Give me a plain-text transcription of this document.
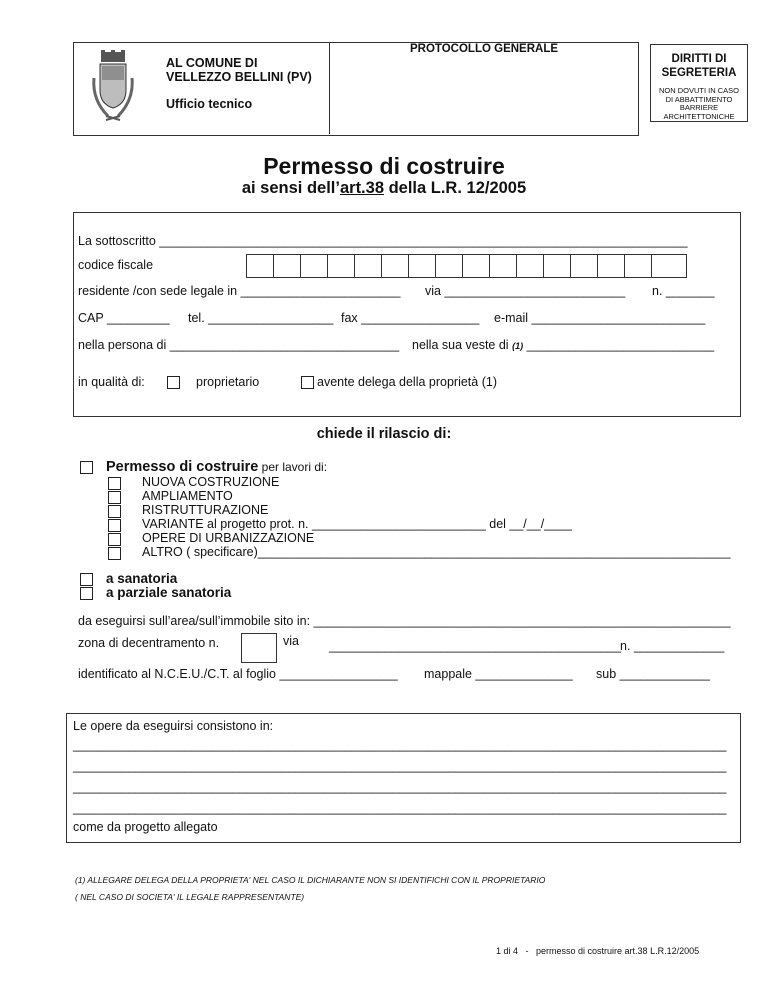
AL COMUNE DI
VELLEZZO BELLINI (PV)
Ufficio tecnico
PROTOCOLLO GENERALE
DIRITTI DI
SEGRETERIA
NON DOVUTI IN CASO
DI ABBATTIMENTO
BARRIERE
ARCHITETTONICHE
Permesso di costruire
ai sensi dell’art.38 della L.R. 12/2005
La sottoscritto ____________________________________________________________________________
codice fiscale
residente /con sede legale in _______________________ via __________________________ n. _______
CAP _________ tel. __________________ fax _________________ e-mail _________________________
nella persona di _________________________________ nella sua veste di (1) ___________________________
in qualità di:	proprietario	avente delega della proprietà (1)
chiede il rilascio di:
Permesso di costruire per lavori di:
NUOVA COSTRUZIONE
AMPLIAMENTO
RISTRUTTURAZIONE
VARIANTE al progetto prot. n. _________________________ del __/__/____
OPERE DI URBANIZZAZIONE
ALTRO ( specificare)____________________________________________________________________
a sanatoria
a parziale sanatoria
da eseguirsi sull’area/sull’immobile sito in: ____________________________________________________________
zona di decentramento n.	via __________________________________________ n. _____________
identificato al N.C.E.U./C.T. al foglio _________________ mappale ______________ sub _____________
Le opere da eseguirsi consistono in:
______________________________________________________________________________________________
______________________________________________________________________________________________
______________________________________________________________________________________________
______________________________________________________________________________________________
come da progetto allegato
(1) ALLEGARE DELEGA DELLA PROPRIETA' NEL CASO IL DICHIARANTE NON SI IDENTIFICHI CON IL PROPRIETARIO
( NEL CASO DI SOCIETA' IL LEGALE RAPPRESENTANTE)
1 di 4   -   permesso di costruire art.38 L.R.12/2005
